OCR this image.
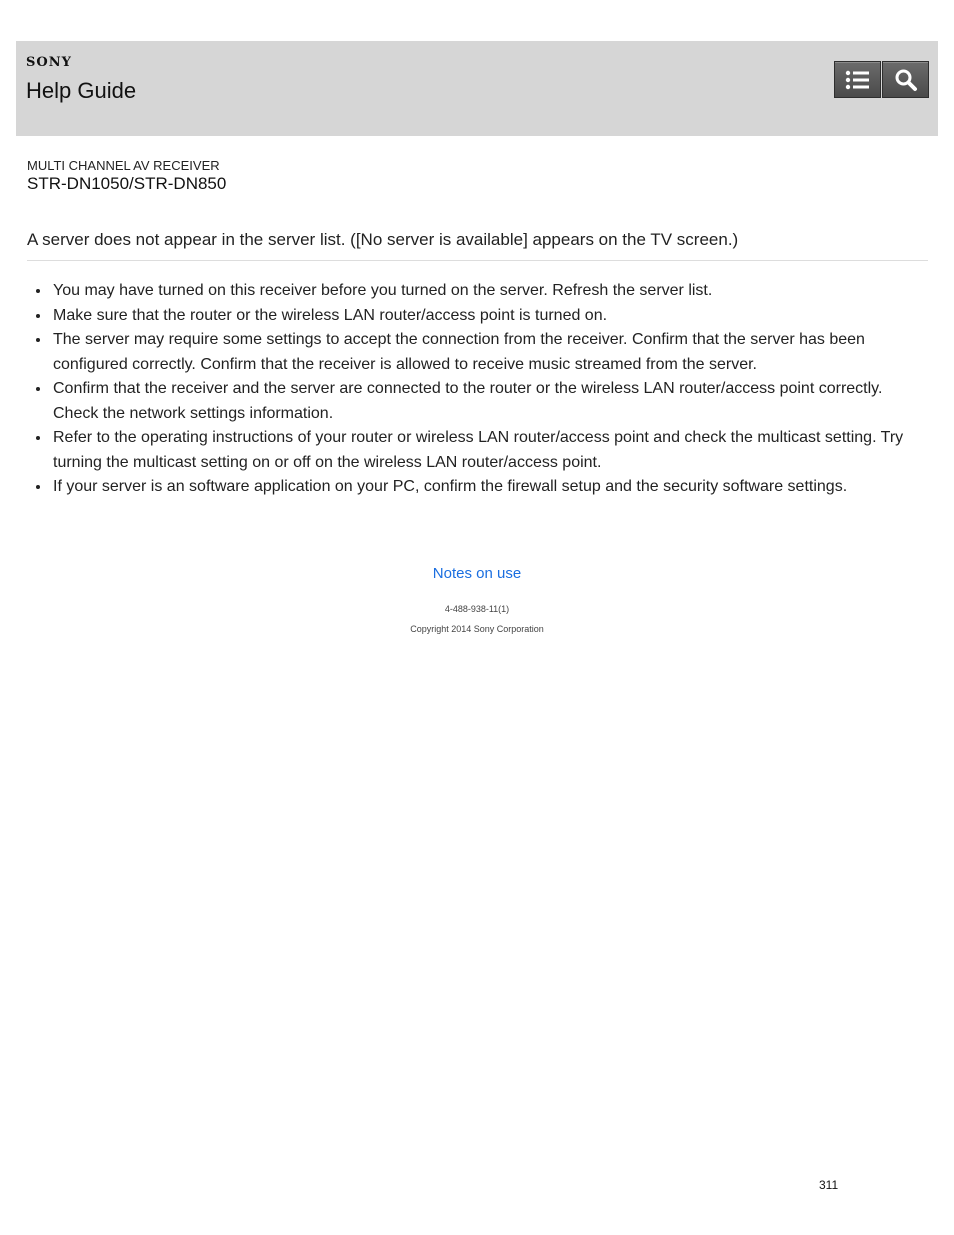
SONY
Help Guide
MULTI CHANNEL AV RECEIVER
STR-DN1050/STR-DN850
A server does not appear in the server list. ([No server is available] appears on the TV screen.)
You may have turned on this receiver before you turned on the server. Refresh the server list.
Make sure that the router or the wireless LAN router/access point is turned on.
The server may require some settings to accept the connection from the receiver. Confirm that the server has been configured correctly. Confirm that the receiver is allowed to receive music streamed from the server.
Confirm that the receiver and the server are connected to the router or the wireless LAN router/access point correctly. Check the network settings information.
Refer to the operating instructions of your router or wireless LAN router/access point and check the multicast setting. Try turning the multicast setting on or off on the wireless LAN router/access point.
If your server is an software application on your PC, confirm the firewall setup and the security software settings.
Notes on use
4-488-938-11(1)
Copyright 2014 Sony Corporation
311
